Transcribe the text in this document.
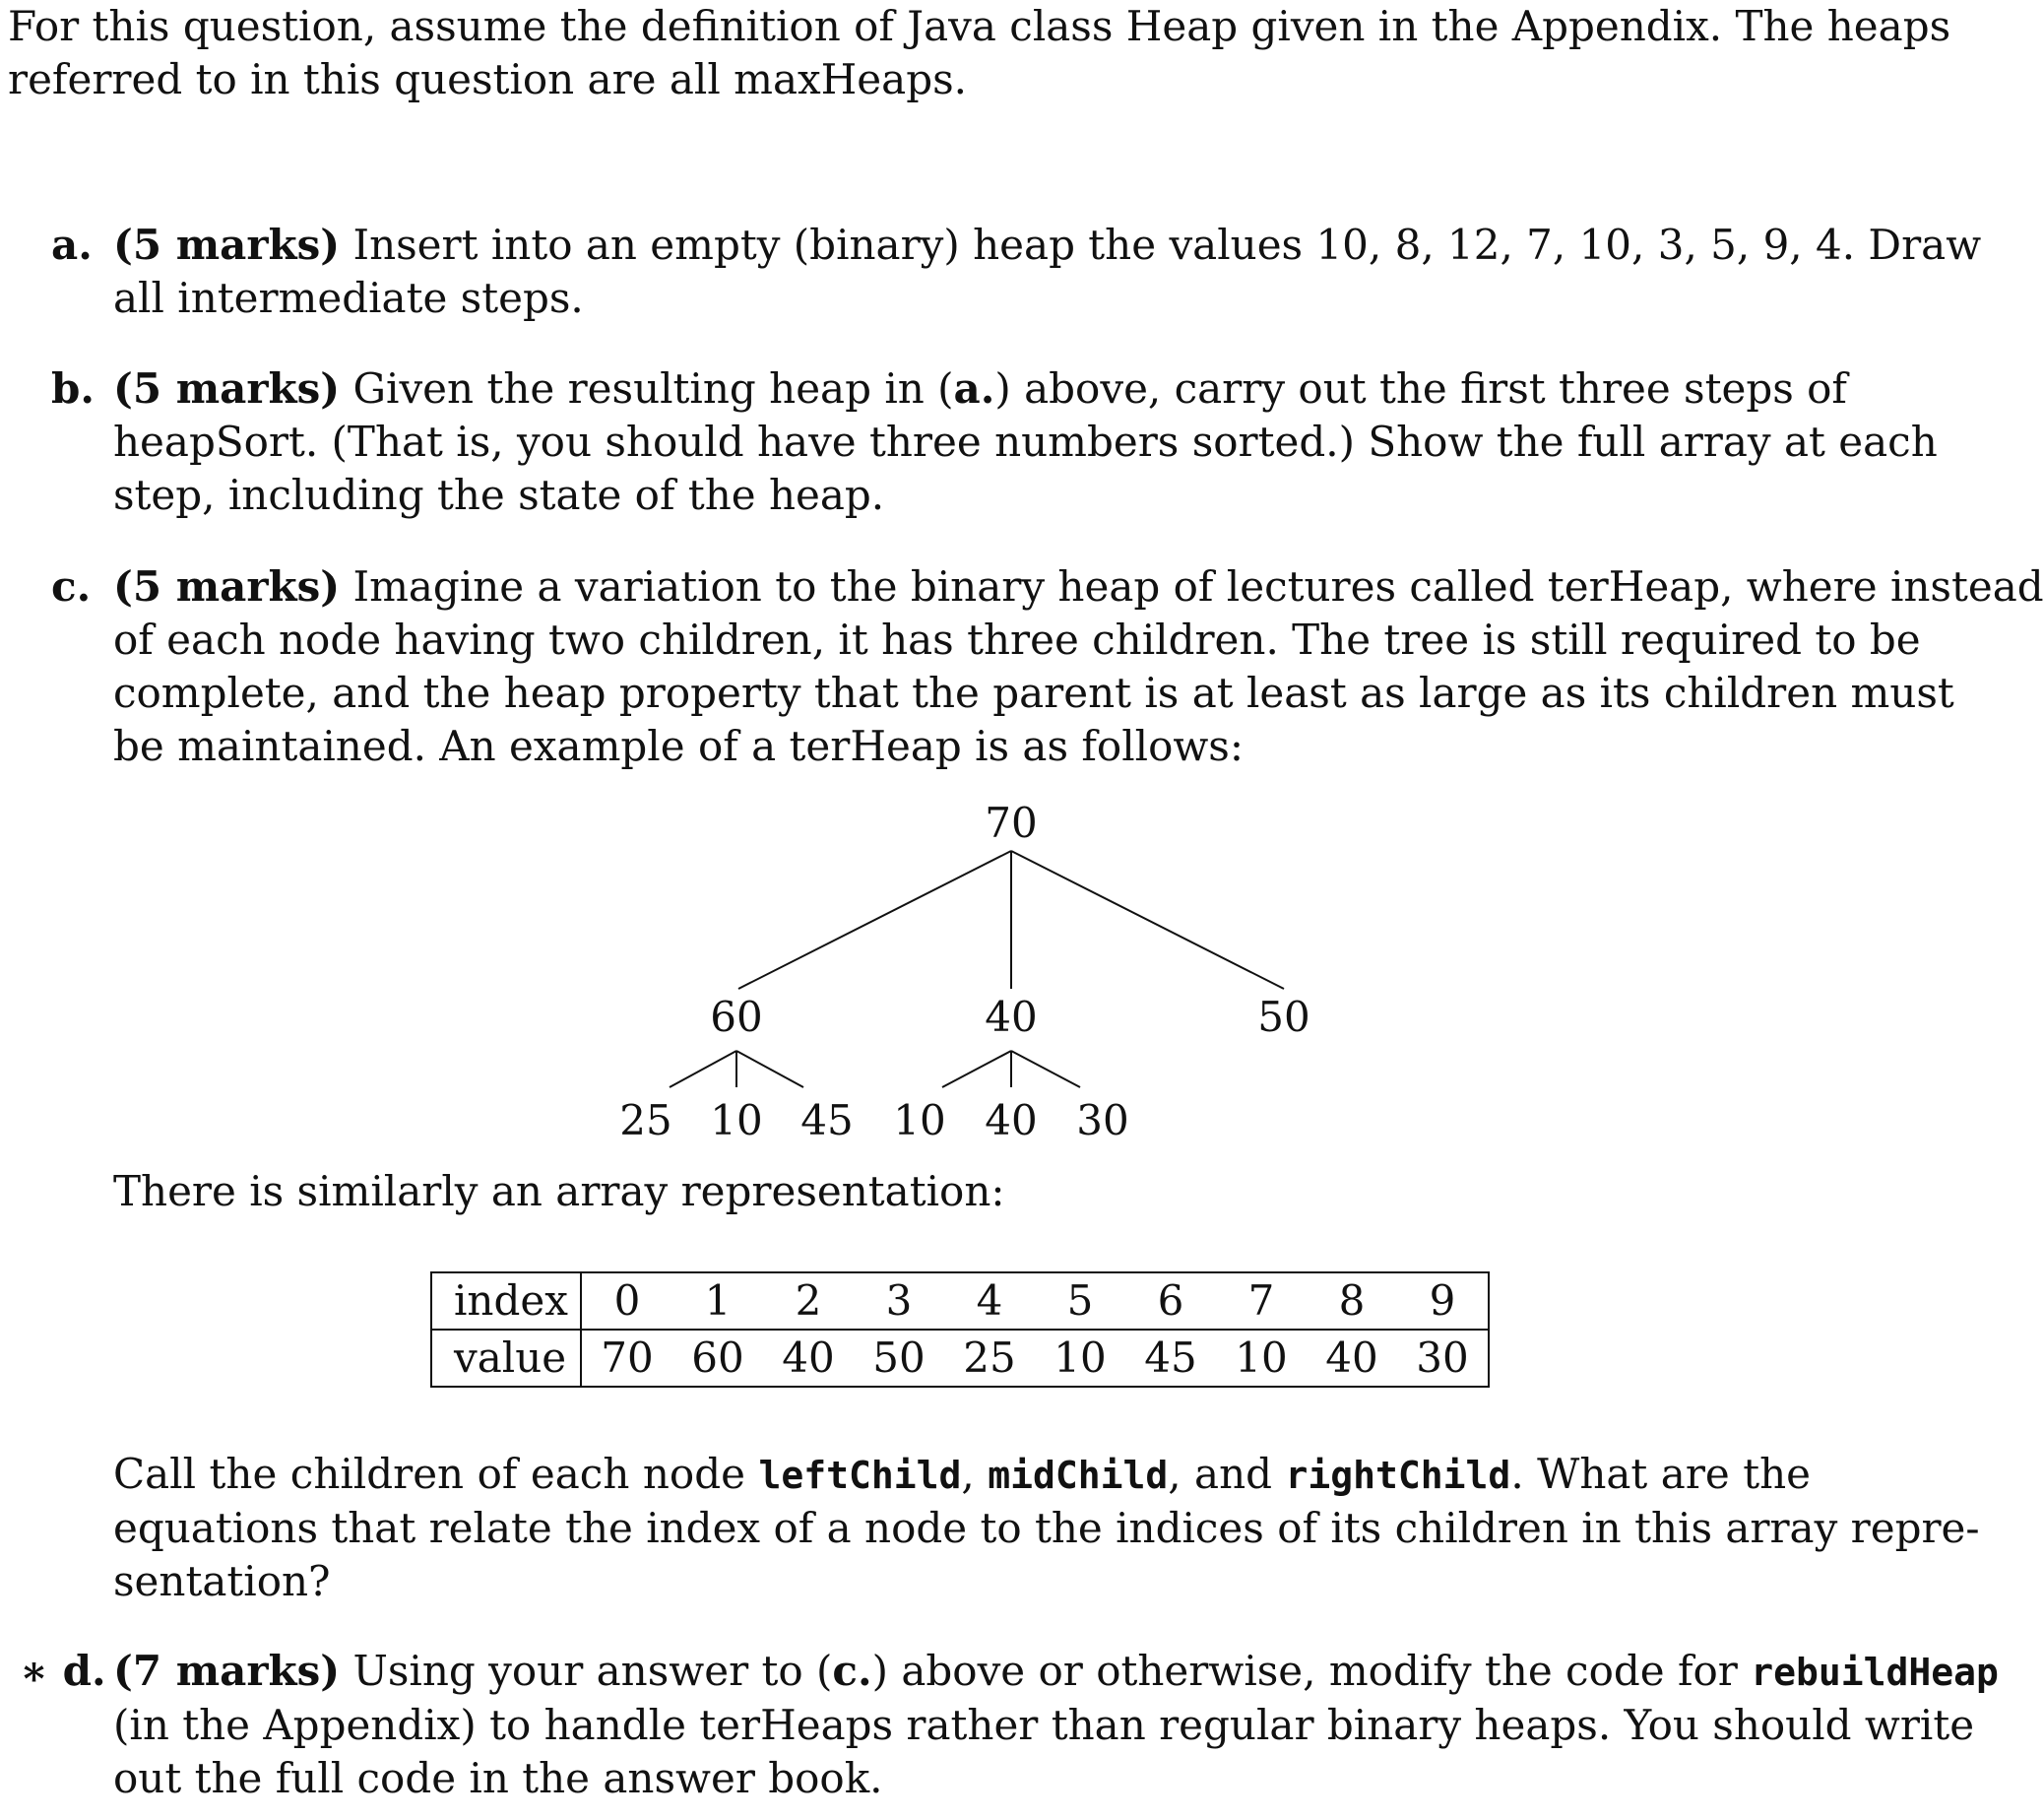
For this question, assume the definition of Java class Heap given in the Appendix. The heaps
referred to in this question are all maxHeaps.
a. (5 marks) Insert into an empty (binary) heap the values 10, 8, 12, 7, 10, 3, 5, 9, 4. Draw
all intermediate steps.
b. (5 marks) Given the resulting heap in (a.) above, carry out the first three steps of
heapSort. (That is, you should have three numbers sorted.) Show the full array at each
step, including the state of the heap.
c. (5 marks) Imagine a variation to the binary heap of lectures called terHeap, where instead
of each node having two children, it has three children. The tree is still required to be
complete, and the heap property that the parent is at least as large as its children must
be maintained. An example of a terHeap is as follows:
70
60	40	50
25 10 45 10 40 30
There is similarly an array representation:
index	0	1	2	3	4	5	6	7	8	9
value	70	60	40	50	25	10	45	10	40	30
Call the children of each node leftChild, midChild, and rightChild. What are the
equations that relate the index of a node to the indices of its children in this array repre-
sentation?
∗ d. (7 marks) Using your answer to (c.) above or otherwise, modify the code for rebuildHeap
(in the Appendix) to handle terHeaps rather than regular binary heaps. You should write
out the full code in the answer book.
